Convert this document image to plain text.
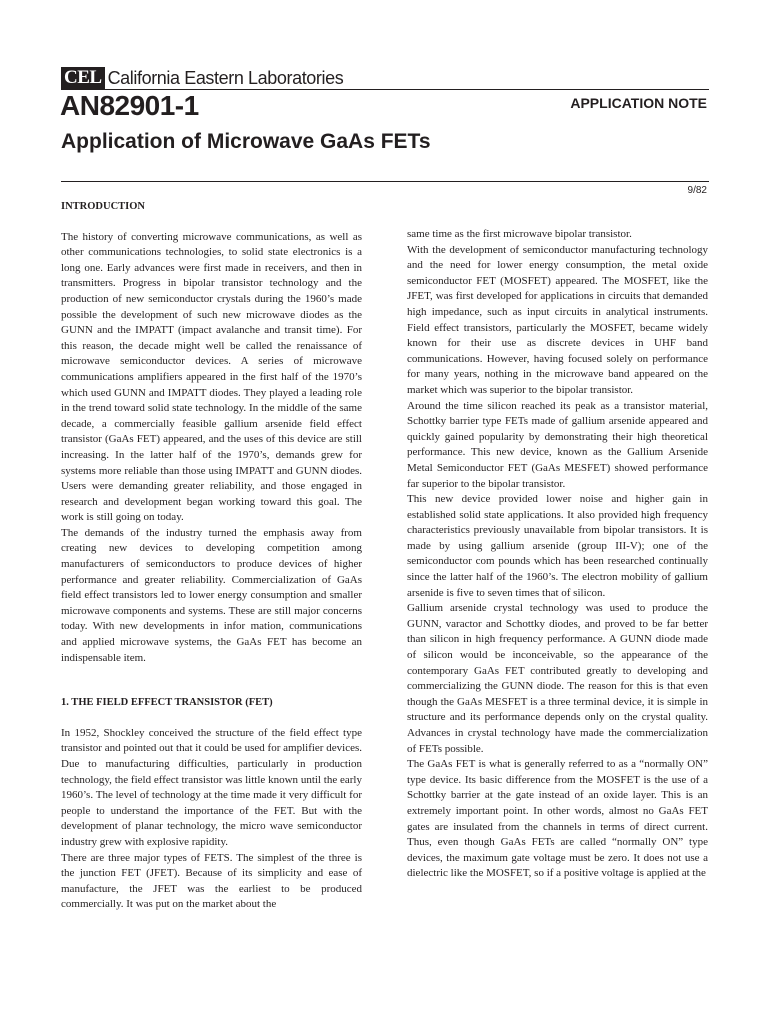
CEL California Eastern Laboratories
AN82901-1	APPLICATION NOTE
Application of Microwave GaAs FETs
9/82

INTRODUCTION

The history of converting microwave communications, as well as other communications technologies, to solid state electronics is a long one. Early advances were first made in receivers, and then in transmitters. Progress in bipolar transistor technology and the production of new semiconductor crystals during the 1960’s made possible the development of such new microwave diodes as the GUNN and the IMPATT (impact avalanche and transit time). For this reason, the decade might well be called the renaissance of microwave semiconductor devices. A series of microwave communications amplifiers appeared in the first half of the 1970’s which used GUNN and IMPATT diodes. They played a leading role in the trend toward solid state technology. In the middle of the same decade, a commercially feasible gallium arsenide field effect transistor (GaAs FET) appeared, and the uses of this device are still increasing. In the latter half of the 1970’s, demands grew for systems more reliable than those using IMPATT and GUNN diodes. Users were demanding greater reliability, and those engaged in research and development began working toward this goal. The work is still going on today.

The demands of the industry turned the emphasis away from creating new devices to developing competition among manufacturers of semiconductors to produce devices of higher performance and greater reliability. Commercialization of GaAs field effect transistors led to lower energy consumption and smaller microwave components and systems. These are still major concerns today. With new developments in infor mation, communications and applied microwave systems, the GaAs FET has become an indispensable item.

1. THE FIELD EFFECT TRANSISTOR (FET)

In 1952, Shockley conceived the structure of the field effect type transistor and pointed out that it could be used for amplifier devices. Due to manufacturing difficulties, particularly in production technology, the field effect transistor was little known until the early 1960’s. The level of technology at the time made it very difficult for people to understand the importance of the FET. But with the development of planar technology, the micro wave semiconductor industry grew with explosive rapidity.

There are three major types of FETS. The simplest of the three is the junction FET (JFET). Because of its simplicity and ease of manufacture, the JFET was the earliest to be produced commercially. It was put on the market about the

same time as the first microwave bipolar transistor.

With the development of semiconductor manufacturing technology and the need for lower energy consumption, the metal oxide semiconductor FET (MOSFET) appeared. The MOSFET, like the JFET, was first developed for applications in circuits that demanded high impedance, such as input circuits in analytical instruments. Field effect transistors, particularly the MOSFET, became widely known for their use as discrete devices in UHF band communications. However, having focused solely on performance for many years, nothing in the microwave band appeared on the market which was superior to the bipolar transistor.

Around the time silicon reached its peak as a transistor material, Schottky barrier type FETs made of gallium arsenide appeared and quickly gained popularity by demonstrating their high theoretical performance. This new device, known as the Gallium Arsenide Metal Semiconductor FET (GaAs MESFET) showed performance far superior to the bipolar transistor.

This new device provided lower noise and higher gain in established solid state applications. It also provided high frequency characteristics previously unavailable from bipolar transistors. It is made by using gallium arsenide (group III-V); one of the semiconductor com pounds which has been researched continually since the latter half of the 1960’s. The electron mobility of gallium arsenide is five to seven times that of silicon.

Gallium arsenide crystal technology was used to produce the GUNN, varactor and Schottky diodes, and proved to be far better than silicon in high frequency performance. A GUNN diode made of silicon would be inconceivable, so the appearance of the contemporary GaAs FET contributed greatly to developing and commercializing the GUNN diode. The reason for this is that even though the GaAs MESFET is a three terminal device, it is simple in structure and its performance depends only on the crystal quality. Advances in crystal technology have made the commercialization of FETs possible.

The GaAs FET is what is generally referred to as a “normally ON” type device. Its basic difference from the MOSFET is the use of a Schottky barrier at the gate instead of an oxide layer. This is an extremely important point. In other words, almost no GaAs FET gates are insulated from the channels in terms of direct current. Thus, even though GaAs FETs are called “normally ON” type devices, the maximum gate voltage must be zero. It does not use a dielectric like the MOSFET, so if a positive voltage is applied at the
